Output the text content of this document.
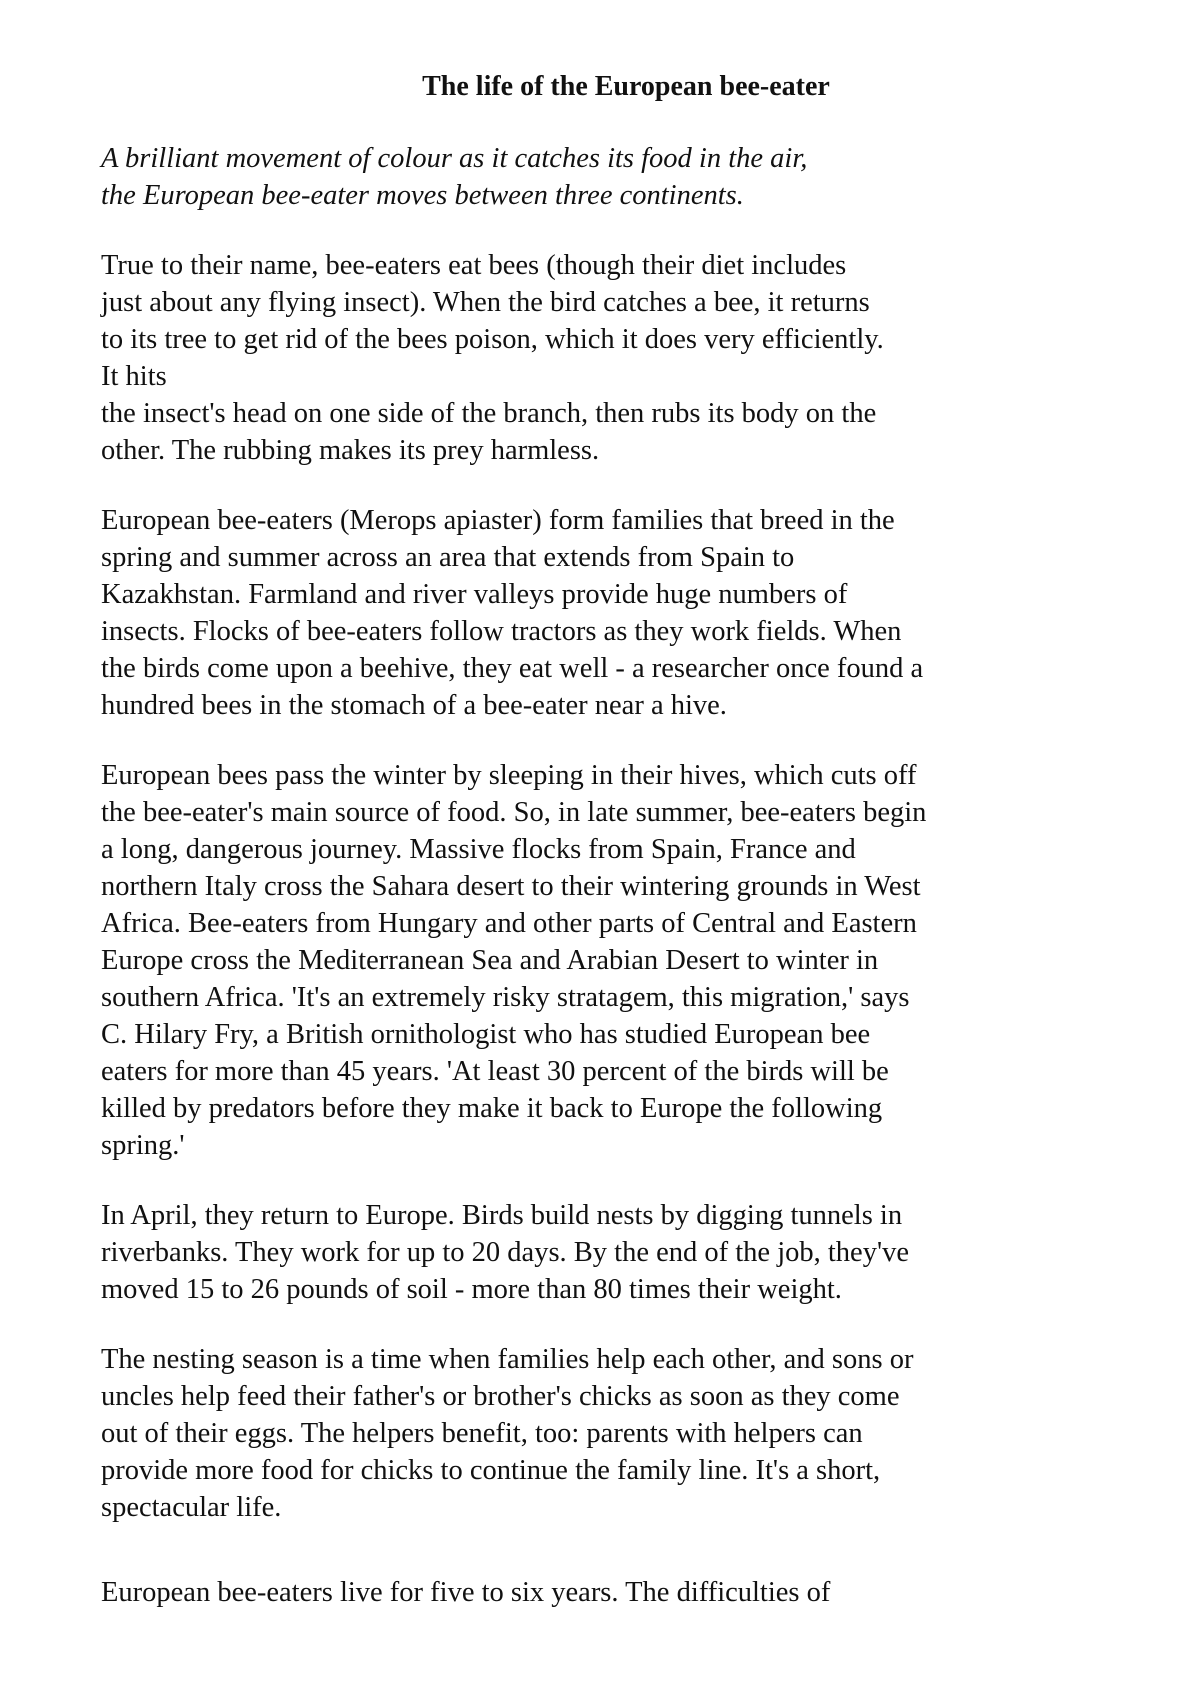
The life of the European bee-eater

A brilliant movement of colour as it catches its food in the air,
the European bee-eater moves between three continents.

True to their name, bee-eaters eat bees (though their diet includes
just about any flying insect). When the bird catches a bee, it returns
to its tree to get rid of the bees poison, which it does very efficiently.
It hits
the insect's head on one side of the branch, then rubs its body on the
other. The rubbing makes its prey harmless.

European bee-eaters (Merops apiaster) form families that breed in the
spring and summer across an area that extends from Spain to
Kazakhstan. Farmland and river valleys provide huge numbers of
insects. Flocks of bee-eaters follow tractors as they work fields. When
the birds come upon a beehive, they eat well - a researcher once found a
hundred bees in the stomach of a bee-eater near a hive.

European bees pass the winter by sleeping in their hives, which cuts off
the bee-eater's main source of food. So, in late summer, bee-eaters begin
a long, dangerous journey. Massive flocks from Spain, France and
northern Italy cross the Sahara desert to their wintering grounds in West
Africa. Bee-eaters from Hungary and other parts of Central and Eastern
Europe cross the Mediterranean Sea and Arabian Desert to winter in
southern Africa. 'It's an extremely risky stratagem, this migration,' says
C. Hilary Fry, a British ornithologist who has studied European bee
eaters for more than 45 years. 'At least 30 percent of the birds will be
killed by predators before they make it back to Europe the following
spring.'

In April, they return to Europe. Birds build nests by digging tunnels in
riverbanks. They work for up to 20 days. By the end of the job, they've
moved 15 to 26 pounds of soil - more than 80 times their weight.

The nesting season is a time when families help each other, and sons or
uncles help feed their father's or brother's chicks as soon as they come
out of their eggs. The helpers benefit, too: parents with helpers can
provide more food for chicks to continue the family line. It's a short,
spectacular life.

European bee-eaters live for five to six years. The difficulties of
